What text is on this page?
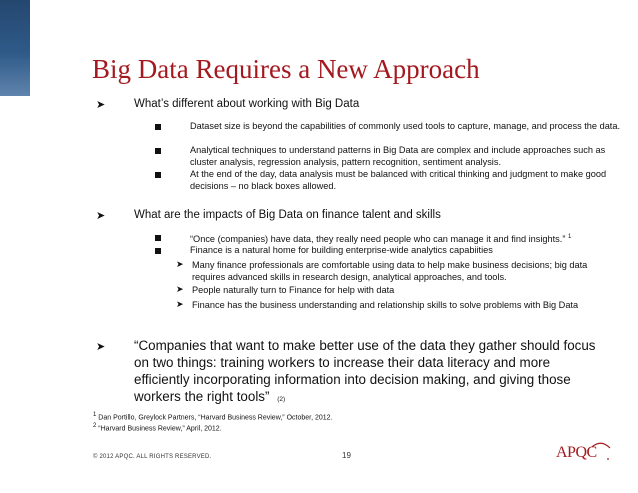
Big Data Requires a New Approach
➤	What’s different about working with Big Data
Dataset size is beyond the capabilities of commonly used tools to capture, manage, and process the data.
Analytical techniques to understand patterns in Big Data are complex and include approaches such as cluster analysis, regression analysis, pattern recognition, sentiment analysis.
At the end of the day, data analysis must be balanced with critical thinking and judgment to make good decisions – no black boxes allowed.
➤	What are the impacts of Big Data on finance talent and skills
“Once (companies) have data, they really need people who can manage it and find insights.” $^1$
Finance is a natural home for building enterprise-wide analytics capabiities
➤ Many finance professionals are comfortable using data to help make business decisions; big data requires advanced skills in research design, analytical approaches, and tools.
➤ People naturally turn to Finance for help with data
➤ Finance has the business understanding and relationship skills to solve problems with Big Data
➤ “Companies that want to make better use of the data they gather should focus on two things: training workers to increase their data literacy and more efficiently incorporating information into decision making, and giving those workers the right tools” (2)
1 Dan Portillo, Greylock Partners, “Harvard Business Review,” October, 2012.
2 “Harvard Business Review,” April, 2012.
© 2012 APQC. ALL RIGHTS RESERVED.	19	APQC
